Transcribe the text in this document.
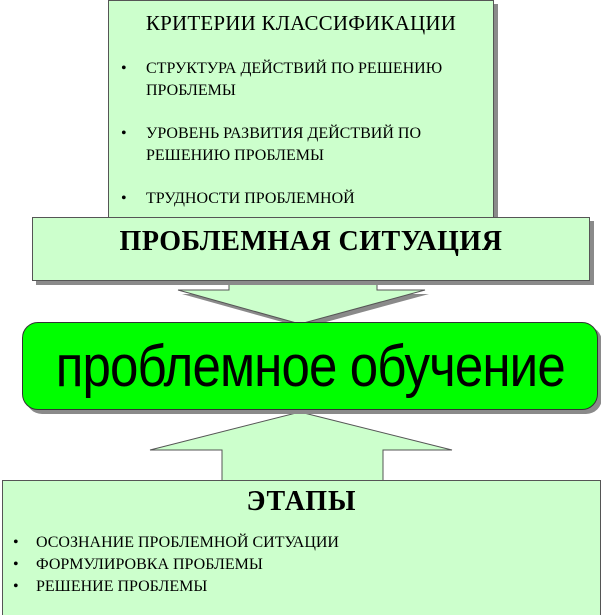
КРИТЕРИИ КЛАССИФИКАЦИИ
• СТРУКТУРА ДЕЙСТВИЙ ПО РЕШЕНИЮ ПРОБЛЕМЫ
• УРОВЕНЬ РАЗВИТИЯ ДЕЙСТВИЙ ПО РЕШЕНИЮ ПРОБЛЕМЫ
• ТРУДНОСТИ ПРОБЛЕМНОЙ
ПРОБЛЕМНАЯ СИТУАЦИЯ
проблемное обучение
ЭТАПЫ
• ОСОЗНАНИЕ ПРОБЛЕМНОЙ СИТУАЦИИ
• ФОРМУЛИРОВКА ПРОБЛЕМЫ
• РЕШЕНИЕ ПРОБЛЕМЫ
